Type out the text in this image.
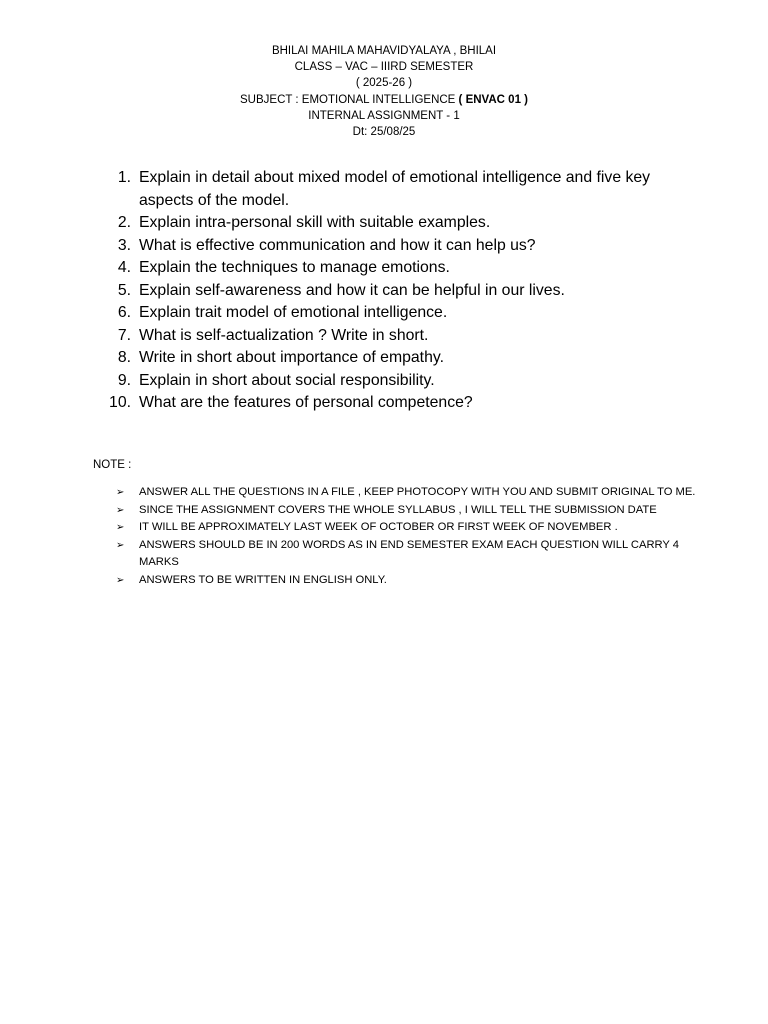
BHILAI MAHILA MAHAVIDYALAYA , BHILAI
CLASS – VAC – IIIRD SEMESTER
( 2025-26 )
SUBJECT : EMOTIONAL INTELLIGENCE ( ENVAC 01 )
INTERNAL ASSIGNMENT - 1
Dt: 25/08/25
1. Explain in detail about mixed model of emotional intelligence and five key aspects of the model.
2. Explain intra-personal skill with suitable examples.
3. What is effective communication and how it can help us?
4. Explain the techniques to manage emotions.
5. Explain self-awareness and how it can be helpful in our lives.
6. Explain trait model of emotional intelligence.
7. What is self-actualization ? Write in short.
8. Write in short about importance of empathy.
9. Explain in short about social responsibility.
10. What are the features of personal competence?
NOTE :
➢ ANSWER ALL THE QUESTIONS IN A FILE , KEEP PHOTOCOPY WITH YOU AND SUBMIT ORIGINAL TO ME.
➢ SINCE THE ASSIGNMENT COVERS THE WHOLE SYLLABUS , I WILL TELL THE SUBMISSION DATE
➢ IT WILL BE APPROXIMATELY LAST WEEK OF OCTOBER OR FIRST WEEK OF NOVEMBER .
➢ ANSWERS SHOULD BE IN 200 WORDS AS IN END SEMESTER EXAM EACH QUESTION WILL CARRY 4 MARKS
➢ ANSWERS TO BE WRITTEN IN ENGLISH ONLY.
